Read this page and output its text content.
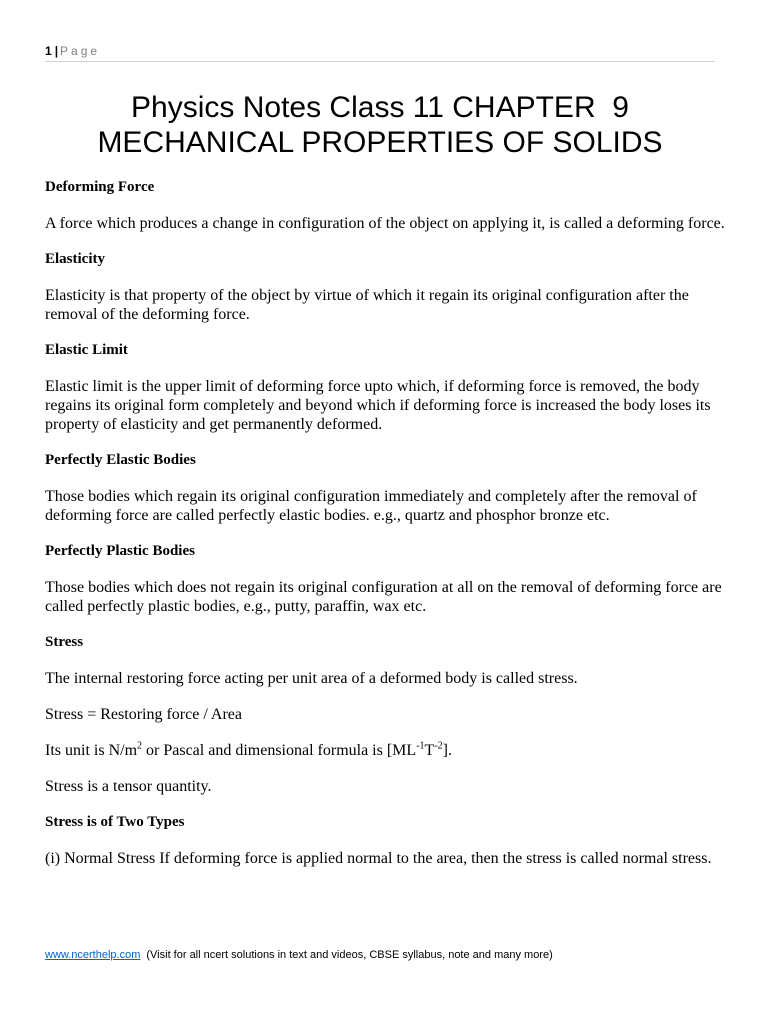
1 | Page
Physics Notes Class 11 CHAPTER  9
MECHANICAL PROPERTIES OF SOLIDS
Deforming Force

A force which produces a change in configuration of the object on applying it, is called a deforming force.

Elasticity

Elasticity is that property of the object by virtue of which it regain its original configuration after the removal of the deforming force.

Elastic Limit

Elastic limit is the upper limit of deforming force upto which, if deforming force is removed, the body regains its original form completely and beyond which if deforming force is increased the body loses its property of elasticity and get permanently deformed.

Perfectly Elastic Bodies

Those bodies which regain its original configuration immediately and completely after the removal of deforming force are called perfectly elastic bodies. e.g., quartz and phosphor bronze etc.

Perfectly Plastic Bodies

Those bodies which does not regain its original configuration at all on the removal of deforming force are called perfectly plastic bodies, e.g., putty, paraffin, wax etc.

Stress

The internal restoring force acting per unit area of a deformed body is called stress.

Stress = Restoring force / Area

Its unit is $N/m^2$ or Pascal and dimensional formula is $[ML^{-1}T^{-2}]$.

Stress is a tensor quantity.

Stress is of Two Types

(i) Normal Stress If deforming force is applied normal to the area, then the stress is called normal stress.

www.ncerthelp.com (Visit for all ncert solutions in text and videos, CBSE syllabus, note and many more)
